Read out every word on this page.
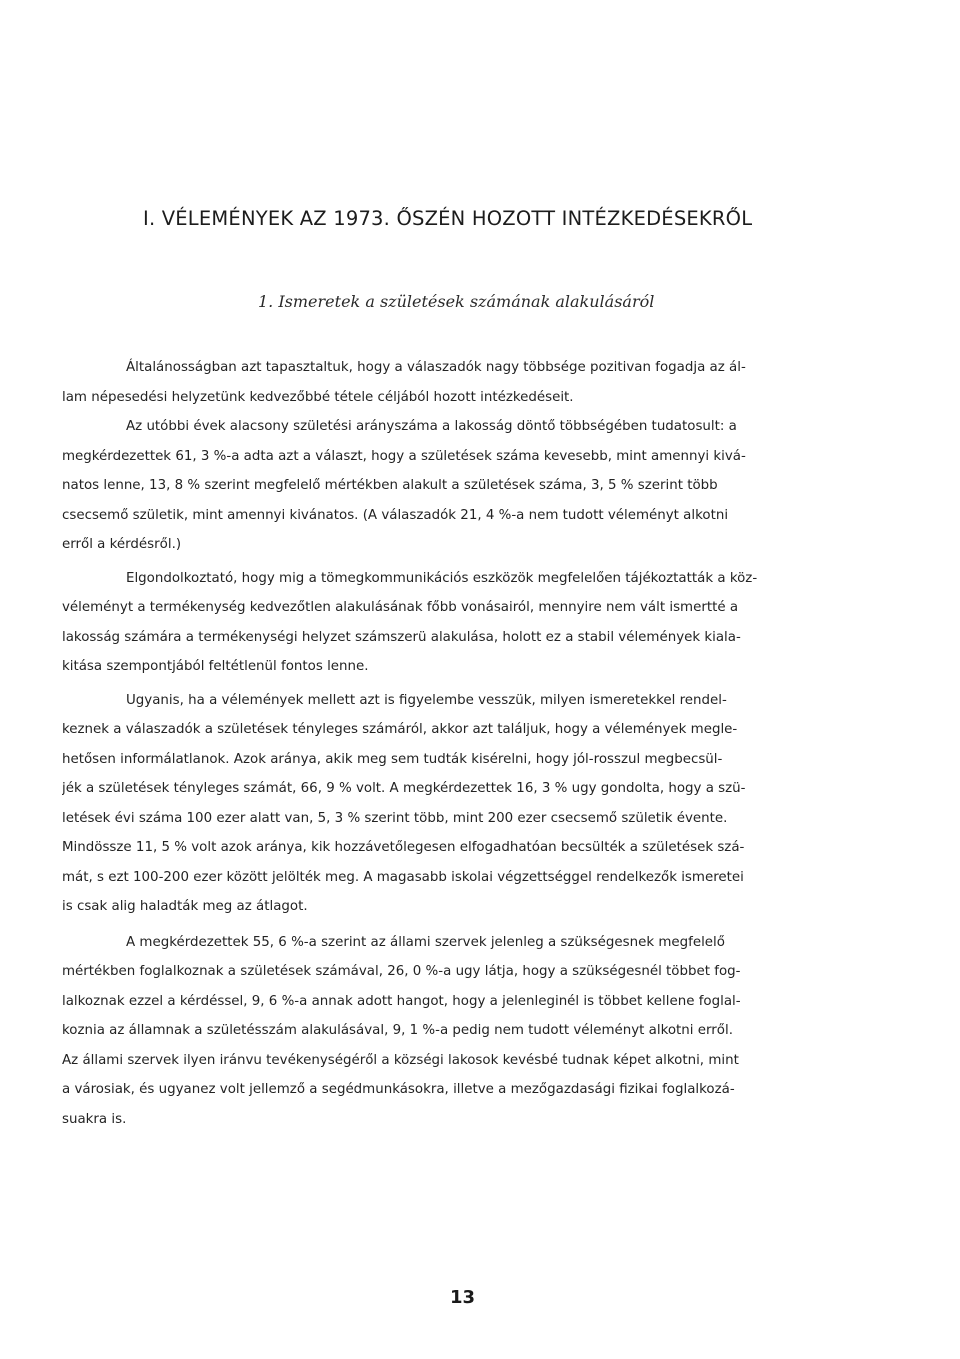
I. VÉLEMÉNYEK AZ 1973. ŐSZÉN HOZOTT INTÉZKEDÉSEKRŐL
1. Ismeretek a születések számának alakulásáról

Általánosságban azt tapasztaltuk, hogy a válaszadók nagy többsége pozitivan fogadja az ál-
lam népesedési helyzetünk kedvezőbbé tétele céljából hozott intézkedéseit.

Az utóbbi évek alacsony születési arányszáma a lakosság döntő többségében tudatosult: a
megkérdezettek 61, 3 %-a adta azt a választ, hogy a születések száma kevesebb, mint amennyi kivá-
natos lenne, 13, 8 % szerint megfelelő mértékben alakult a születések száma, 3, 5 % szerint több
csecsemő születik, mint amennyi kivánatos. (A válaszadók 21, 4 %-a nem tudott véleményt alkotni
erről a kérdésről.)

Elgondolkoztató, hogy mig a tömegkommunikációs eszközök megfelelően tájékoztatták a köz-
véleményt a termékenység kedvezőtlen alakulásának főbb vonásairól, mennyire nem vált ismertté a
lakosság számára a termékenységi helyzet számszerü alakulása, holott ez a stabil vélemények kiala-
kitása szempontjából feltétlenül fontos lenne.

Ugyanis, ha a vélemények mellett azt is figyelembe vesszük, milyen ismeretekkel rendel-
keznek a válaszadók a születések tényleges számáról, akkor azt találjuk, hogy a vélemények megle-
hetősen informálatlanok. Azok aránya, akik meg sem tudták kisérelni, hogy jól-rosszul megbecsül-
jék a születések tényleges számát, 66, 9 % volt. A megkérdezettek 16, 3 % ugy gondolta, hogy a szü-
letések évi száma 100 ezer alatt van, 5, 3 % szerint több, mint 200 ezer csecsemő születik évente.
Mindössze 11, 5 % volt azok aránya, kik hozzávetőlegesen elfogadhatóan becsülték a születések szá-
mát, s ezt 100-200 ezer között jelölték meg. A magasabb iskolai végzettséggel rendelkezők ismeretei
is csak alig haladták meg az átlagot.

A megkérdezettek 55, 6 %-a szerint az állami szervek jelenleg a szükségesnek megfelelő
mértékben foglalkoznak a születések számával, 26, 0 %-a ugy látja, hogy a szükségesnél többet fog-
lalkoznak ezzel a kérdéssel, 9, 6 %-a annak adott hangot, hogy a jelenleginél is többet kellene foglal-
koznia az államnak a születésszám alakulásával, 9, 1 %-a pedig nem tudott véleményt alkotni erről.
Az állami szervek ilyen iránvu tevékenységéről a községi lakosok kevésbé tudnak képet alkotni, mint
a városiak, és ugyanez volt jellemző a segédmunkásokra, illetve a mezőgazdasági fizikai foglalkozá-
suakra is.

13
